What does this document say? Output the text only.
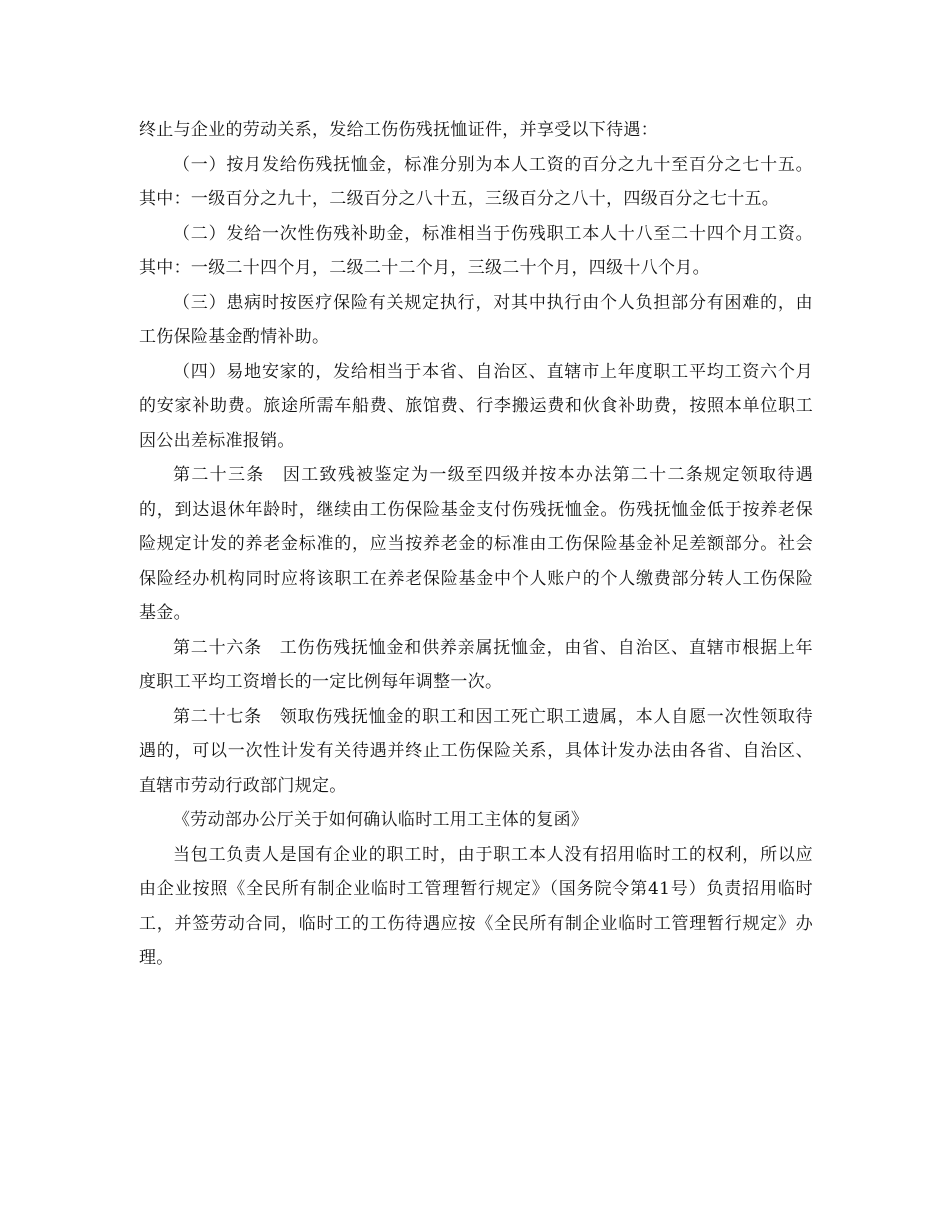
终止与企业的劳动关系，发给工伤伤残抚恤证件，并享受以下待遇：

（一）按月发给伤残抚恤金，标准分别为本人工资的百分之九十至百分之七十五。其中：一级百分之九十，二级百分之八十五，三级百分之八十，四级百分之七十五。

（二）发给一次性伤残补助金，标准相当于伤残职工本人十八至二十四个月工资。其中：一级二十四个月，二级二十二个月，三级二十个月，四级十八个月。

（三）患病时按医疗保险有关规定执行，对其中执行由个人负担部分有困难的，由工伤保险基金酌情补助。

（四）易地安家的，发给相当于本省、自治区、直辖市上年度职工平均工资六个月的安家补助费。旅途所需车船费、旅馆费、行李搬运费和伙食补助费，按照本单位职工因公出差标准报销。

第二十三条　因工致残被鉴定为一级至四级并按本办法第二十二条规定领取待遇的，到达退休年龄时，继续由工伤保险基金支付伤残抚恤金。伤残抚恤金低于按养老保险规定计发的养老金标准的，应当按养老金的标准由工伤保险基金补足差额部分。社会保险经办机构同时应将该职工在养老保险基金中个人账户的个人缴费部分转人工伤保险基金。

第二十六条　工伤伤残抚恤金和供养亲属抚恤金，由省、自治区、直辖市根据上年度职工平均工资增长的一定比例每年调整一次。

第二十七条　领取伤残抚恤金的职工和因工死亡职工遗属，本人自愿一次性领取待遇的，可以一次性计发有关待遇并终止工伤保险关系，具体计发办法由各省、自治区、直辖市劳动行政部门规定。

《劳动部办公厅关于如何确认临时工用工主体的复函》

当包工负责人是国有企业的职工时，由于职工本人没有招用临时工的权利，所以应由企业按照《全民所有制企业临时工管理暂行规定》（国务院令第41号）负责招用临时工，并签劳动合同，临时工的工伤待遇应按《全民所有制企业临时工管理暂行规定》办理。
